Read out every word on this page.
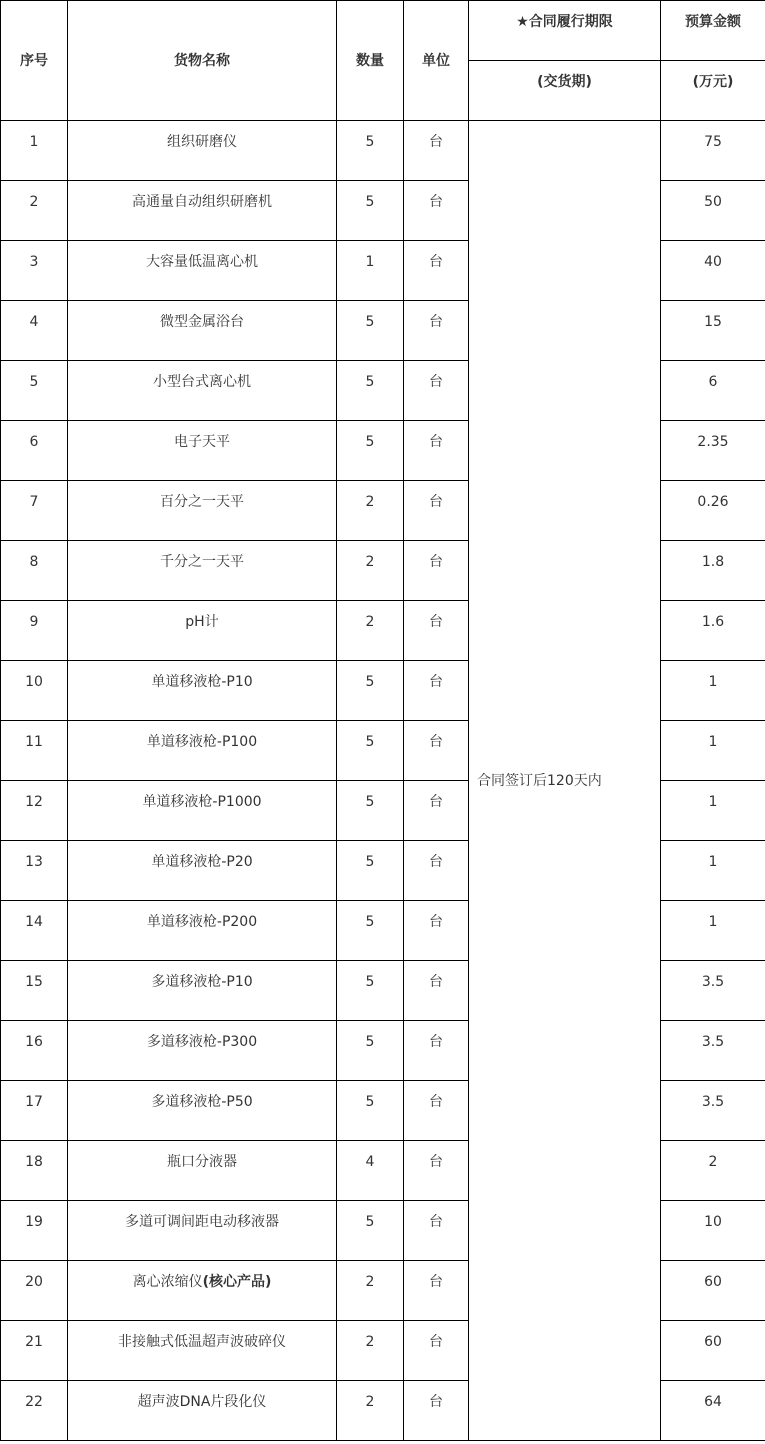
序号	货物名称	数量	单位	★合同履行期限	预算金额
				(交货期)	(万元)
1	组织研磨仪	5	台	合同签订后120天内	75
2	高通量自动组织研磨机	5	台		50
3	大容量低温离心机	1	台		40
4	微型金属浴台	5	台		15
5	小型台式离心机	5	台		6
6	电子天平	5	台		2.35
7	百分之一天平	2	台		0.26
8	千分之一天平	2	台		1.8
9	pH计	2	台		1.6
10	单道移液枪-P10	5	台		1
11	单道移液枪-P100	5	台		1
12	单道移液枪-P1000	5	台		1
13	单道移液枪-P20	5	台		1
14	单道移液枪-P200	5	台		1
15	多道移液枪-P10	5	台		3.5
16	多道移液枪-P300	5	台		3.5
17	多道移液枪-P50	5	台		3.5
18	瓶口分液器	4	台		2
19	多道可调间距电动移液器	5	台		10
20	离心浓缩仪(核心产品)	2	台		60
21	非接触式低温超声波破碎仪	2	台		60
22	超声波DNA片段化仪	2	台		64
